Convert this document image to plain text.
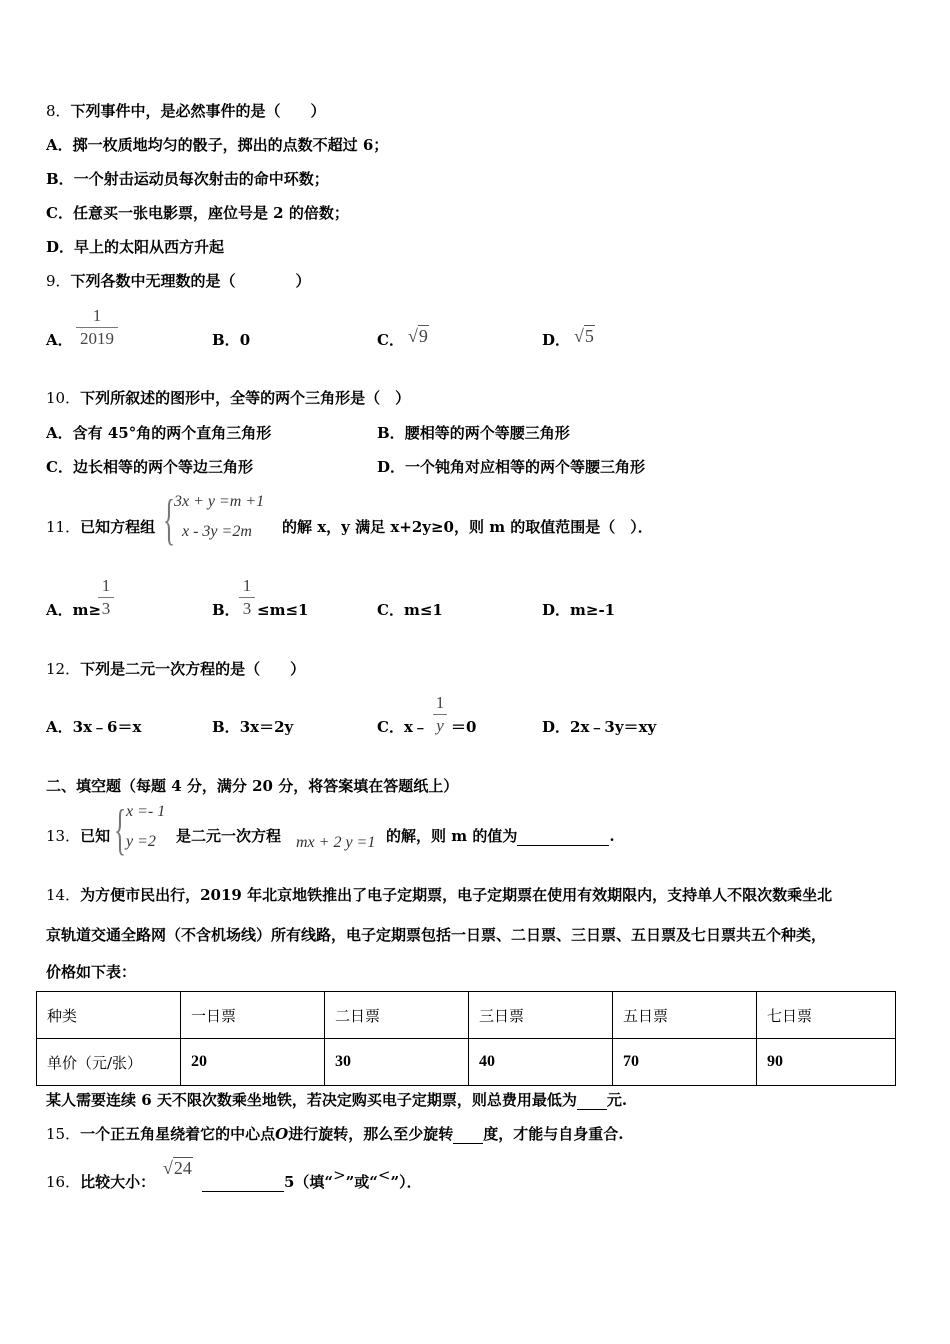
8．下列事件中，是必然事件的是（　　）
A．掷一枚质地均匀的骰子，掷出的点数不超过 6；
B．一个射击运动员每次射击的命中环数；
C．任意买一张电影票，座位号是 2 的倍数；
D．早上的太阳从西方升起
9．下列各数中无理数的是（　　　　）
A．
1
2019	B．0	C． √9	D． √5
10．下列所叙述的图形中，全等的两个三角形是（　）
A．含有 45°角的两个直角三角形	B．腰相等的两个等腰三角形
C．边长相等的两个等边三角形	D．一个钝角对应相等的两个等腰三角形
11．已知方程组 {
3x + y =m +1
x - 3y =2m 的解 x，y 满足 x+2y≥0，则 m 的取值范围是（　）．
A．m≥
1
3	B．
1
3 ≤m≤1	C．m≤1	D．m≥-1
12．下列是二元一次方程的是（　　）
A．3x﹣6＝x	B．3x＝2y	C．x﹣
1
y ＝0	D．2x﹣3y＝xy
二、填空题（每题 4 分，满分 20 分，将答案填在答题纸上）
13．已知 { x =- 1
y =2 是二元一次方程 mx + 2 y =1 的解，则 m 的值为	.
14．为方便市民出行，2019 年北京地铁推出了电子定期票，电子定期票在使用有效期限内，支持单人不限次数乘坐北
京轨道交通全路网（不含机场线）所有线路，电子定期票包括一日票、二日票、三日票、五日票及七日票共五个种类，
价格如下表：
种类	一日票	二日票	三日票	五日票	七日票
单价（元/张）	20	30	40	70	90
某人需要连续 6 天不限次数乘坐地铁，若决定购买电子定期票，则总费用最低为 元.
15．一个正五角星绕着它的中心点O进行旋转，那么至少旋转 度，才能与自身重合.
16．比较大小：
√24
5（填“>”或“<”）．
